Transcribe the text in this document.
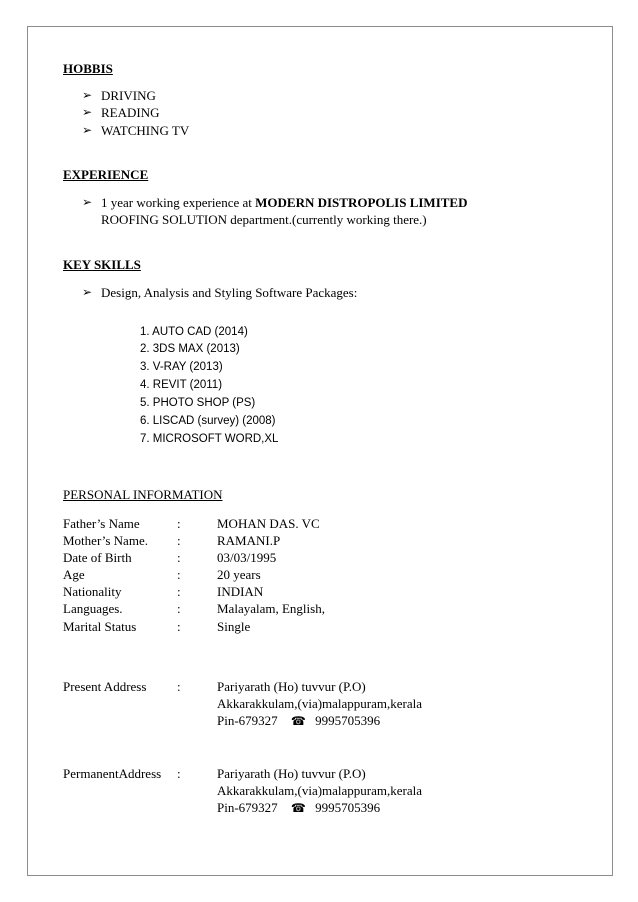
HOBBIS
➢ DRIVING
➢ READING
➢ WATCHING TV
EXPERIENCE
➢ 1 year working experience at MODERN DISTROPOLIS LIMITED
ROOFING SOLUTION department.(currently working there.)
KEY SKILLS
➢ Design, Analysis and Styling Software Packages:
1. AUTO CAD (2014)
2. 3DS MAX (2013)
3. V-RAY (2013)
4. REVIT (2011)
5. PHOTO SHOP (PS)
6. LISCAD (survey) (2008)
7. MICROSOFT WORD,XL
PERSONAL INFORMATION
Father’s Name	:	MOHAN DAS. VC
Mother’s Name. :	RAMANI.P
Date of Birth	:	03/03/1995
Age	:	20 years
Nationality	:	INDIAN
Languages.	:	Malayalam, English,
Marital Status	:	Single
Present Address :	Pariyarath (Ho) tuvvur (P.O)
Akkarakkulam,(via)malappuram,kerala
Pin-679327 ☎ 9995705396
PermanentAddress :	Pariyarath (Ho) tuvvur (P.O)
Akkarakkulam,(via)malappuram,kerala
Pin-679327 ☎ 9995705396
